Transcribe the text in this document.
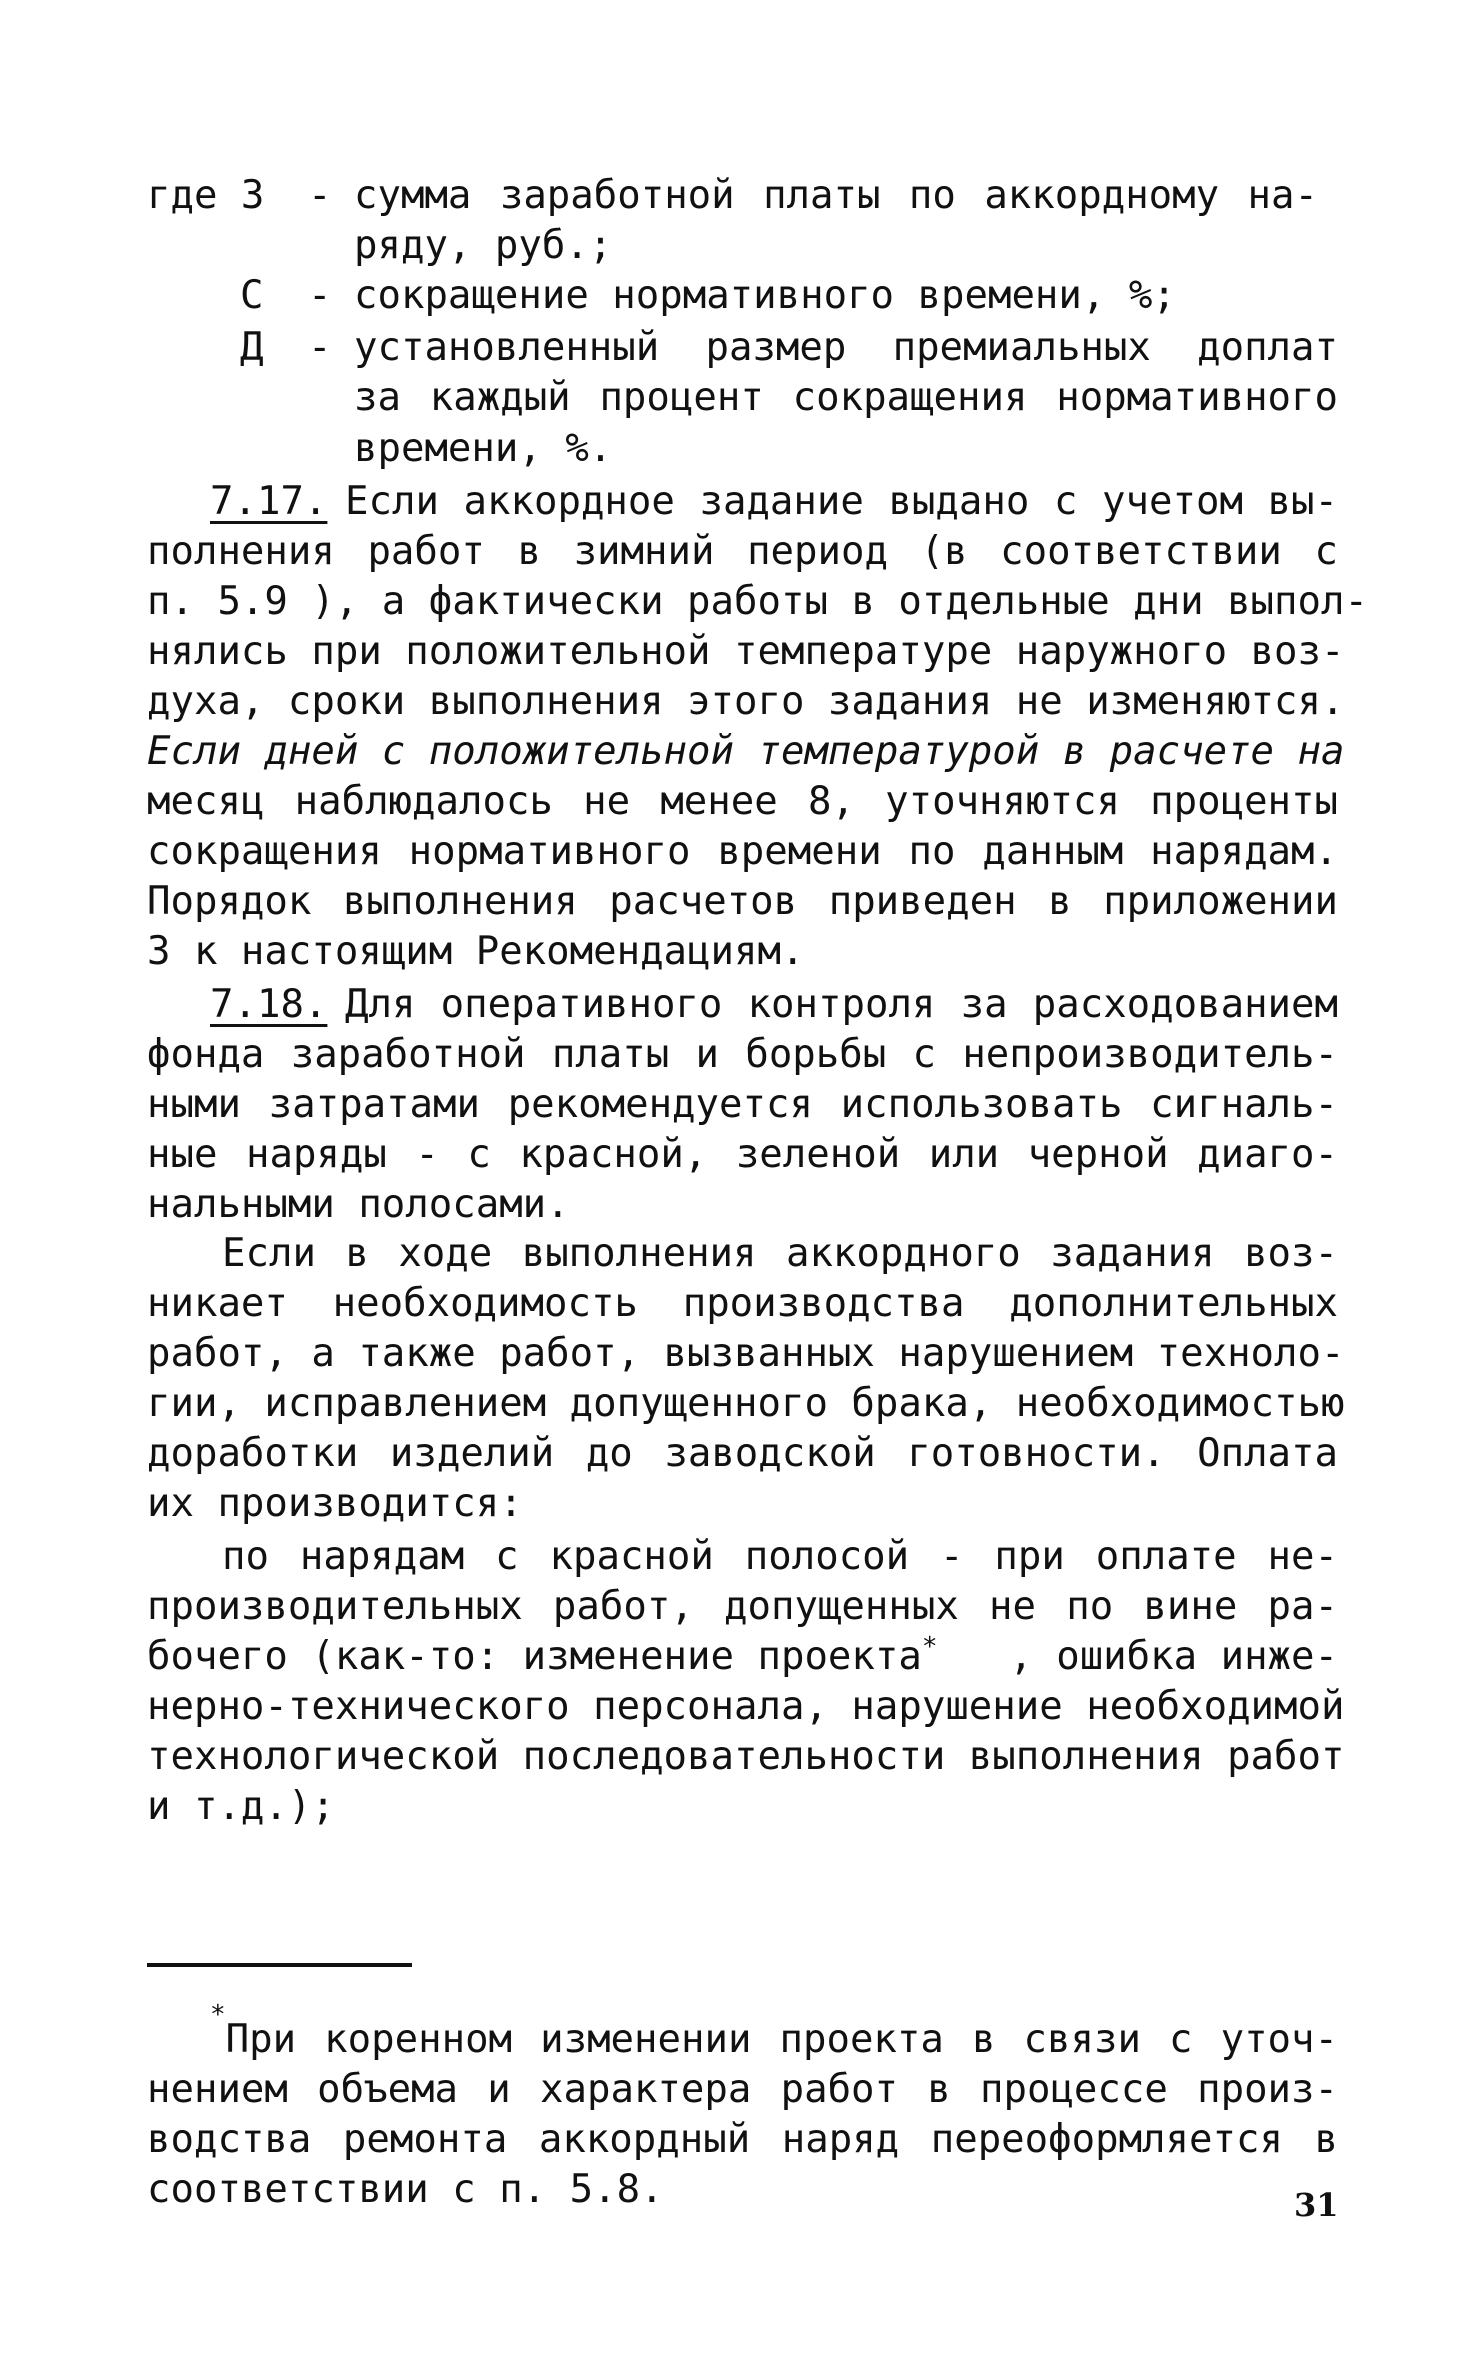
где З - сумма заработной платы по аккордному на-
ряду, руб.;
С - сокращение нормативного времени, %;
Д - установленный размер премиальных доплат
за каждый процент сокращения нормативного
времени, %.
7.17. Если аккордное задание выдано с учетом вы-
полнения работ в зимний период (в соответствии с
п. 5.9 ), а фактически работы в отдельные дни выпол-
нялись при положительной температуре наружного воз-
духа, сроки выполнения этого задания не изменяются.
Если дней с положительной температурой в расчете на
месяц наблюдалось не менее 8, уточняются проценты
сокращения нормативного времени по данным нарядам.
Порядок выполнения расчетов приведен в приложении
3 к настоящим Рекомендациям.
7.18. Для оперативного контроля за расходованием
фонда заработной платы и борьбы с непроизводитель-
ными затратами рекомендуется использовать сигналь-
ные наряды - с красной, зеленой или черной диаго-
нальными полосами.
Если в ходе выполнения аккордного задания воз-
никает необходимость производства дополнительных
работ, а также работ, вызванных нарушением техноло-
гии, исправлением допущенного брака, необходимостью
доработки изделий до заводской готовности. Оплата
их производится:
по нарядам с красной полосой - при оплате не-
производительных работ, допущенных не по вине ра-
бочего (как-то: изменение проекта* , ошибка инже-
нерно-технического персонала, нарушение необходимой
технологической последовательности выполнения работ
и т.д.);
*
При коренном изменении проекта в связи с уточ-
нением объема и характера работ в процессе произ-
водства ремонта аккордный наряд переоформляется в
соответствии с п. 5.8.	31
